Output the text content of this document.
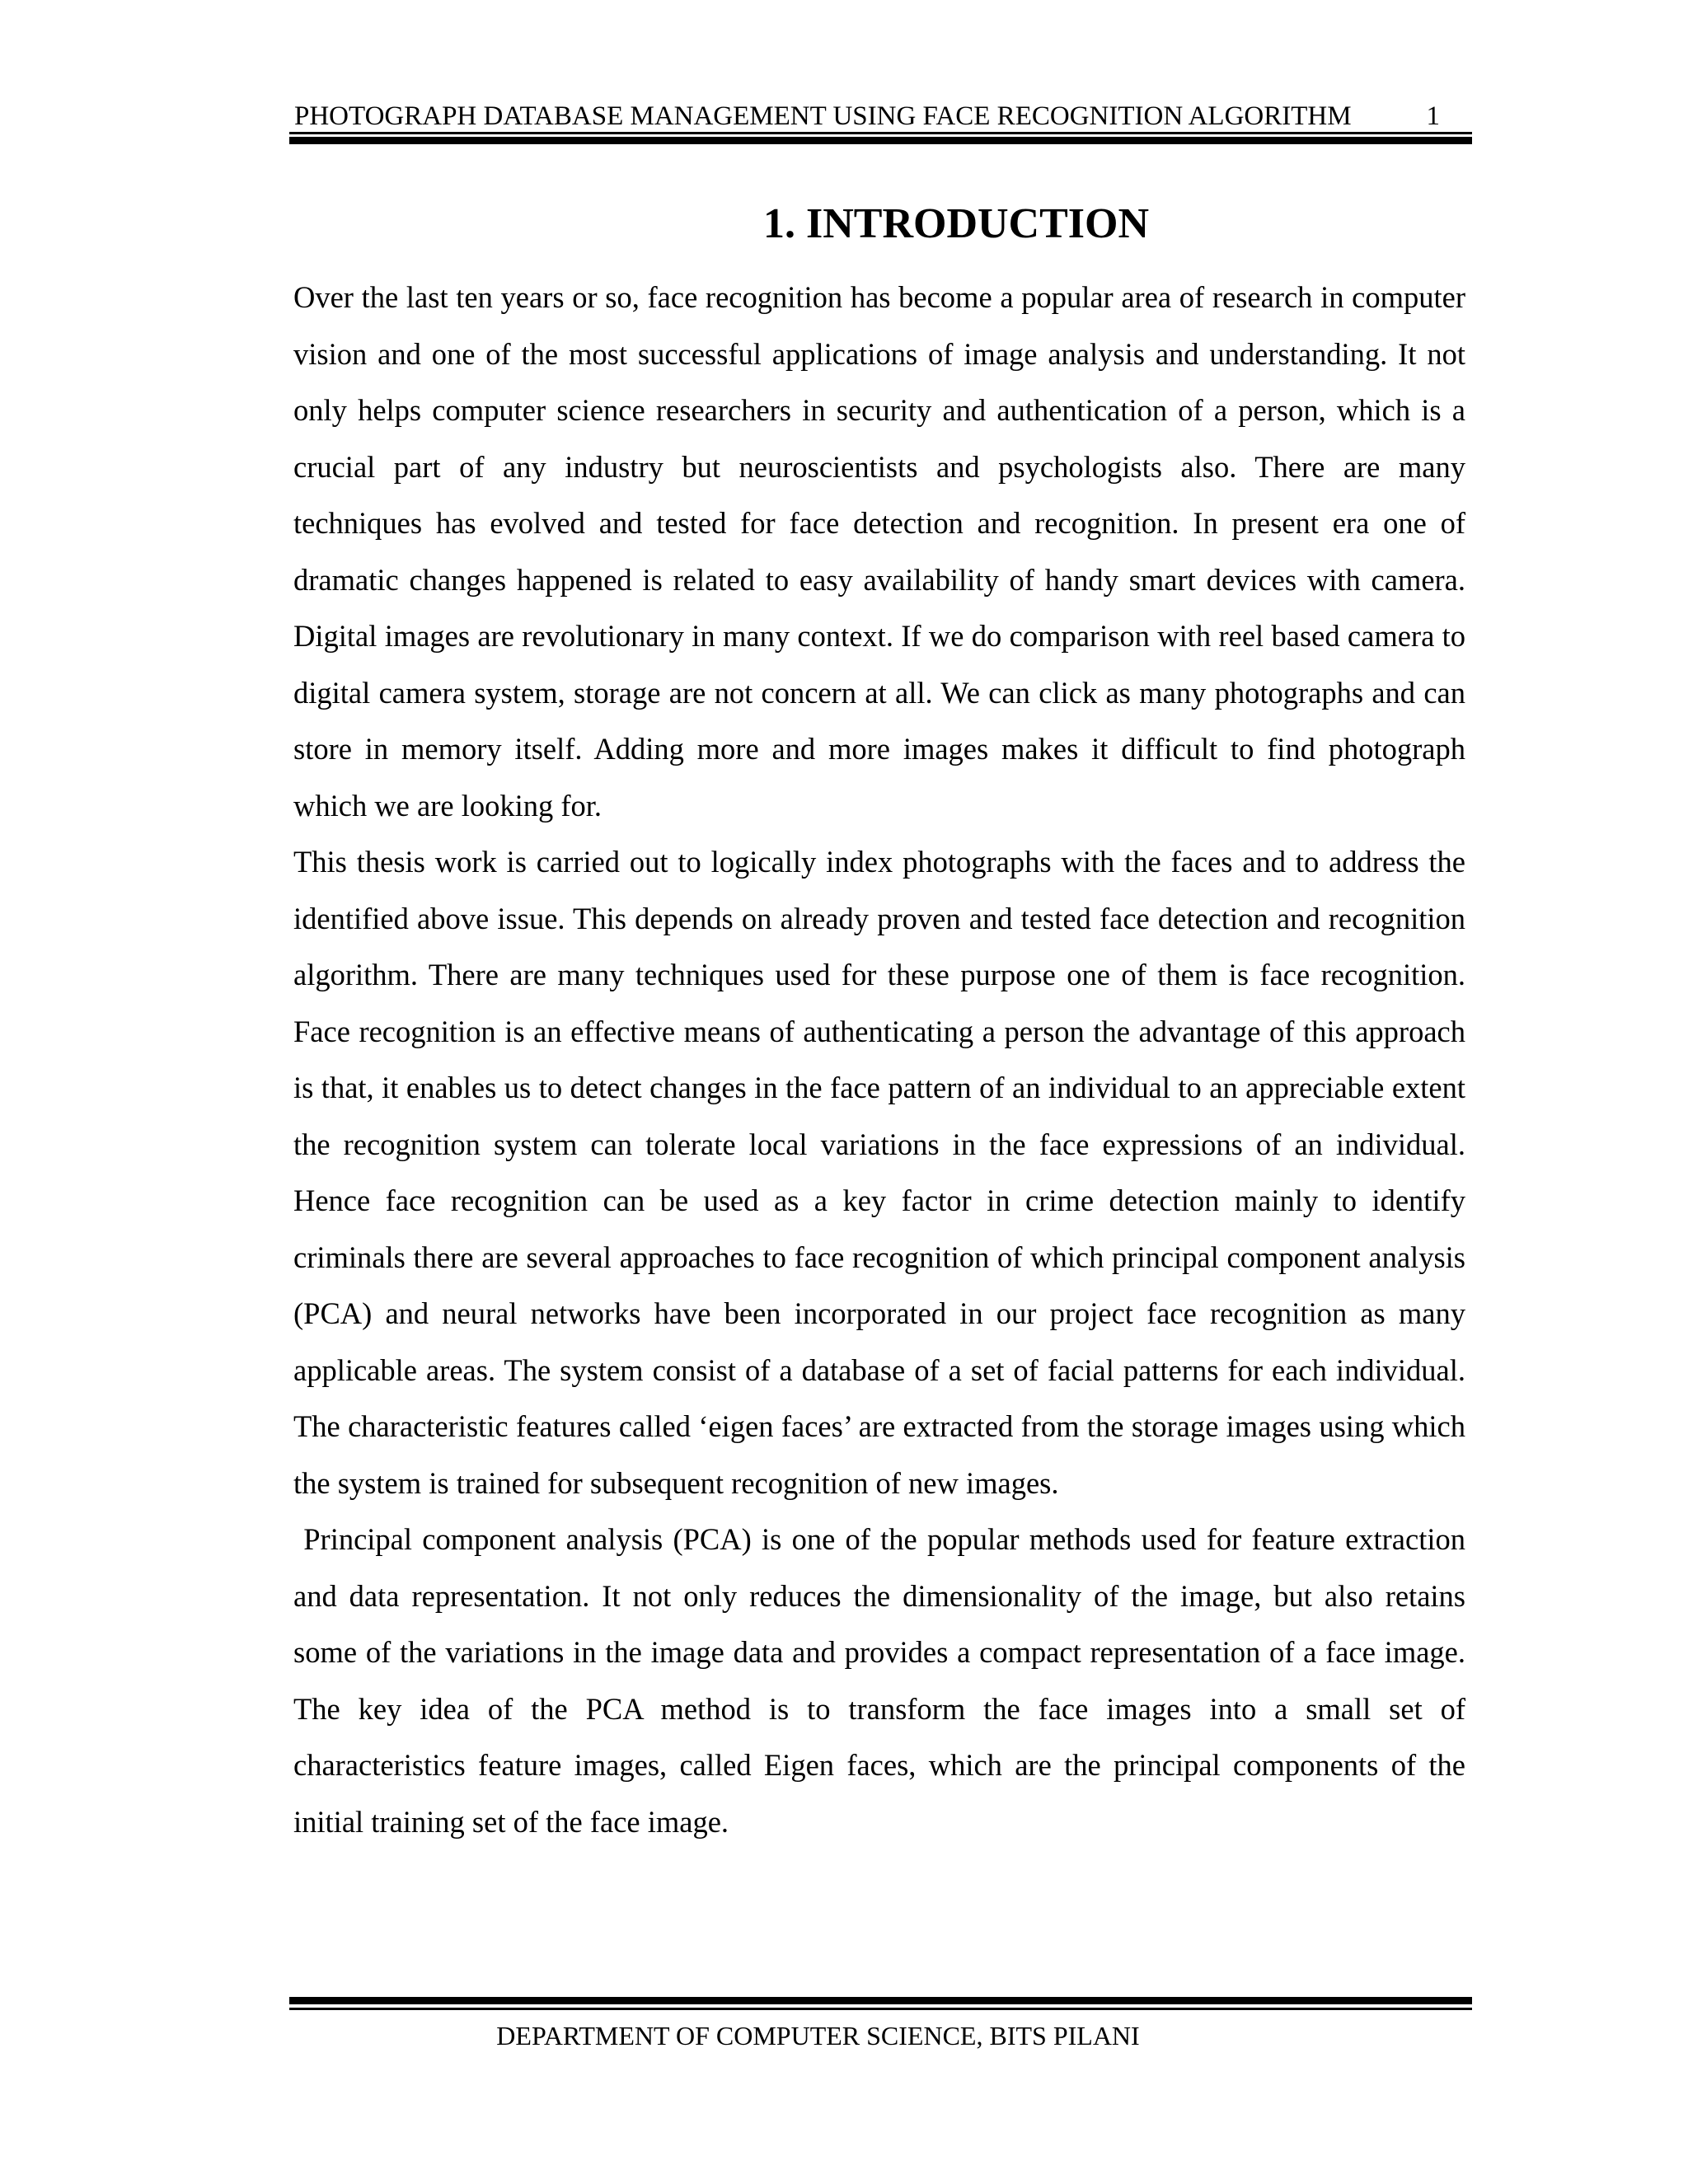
PHOTOGRAPH DATABASE MANAGEMENT USING FACE RECOGNITION ALGORITHM	1
1. INTRODUCTION

Over the last ten years or so, face recognition has become a popular area of research in computer vision and one of the most successful applications of image analysis and understanding. It not only helps computer science researchers in security and authentication of a person, which is a crucial part of any industry but neuroscientists and psychologists also. There are many techniques has evolved and tested for face detection and recognition. In present era one of dramatic changes happened is related to easy availability of handy smart devices with camera. Digital images are revolutionary in many context. If we do comparison with reel based camera to digital camera system, storage are not concern at all. We can click as many photographs and can store in memory itself. Adding more and more images makes it difficult to find photograph which we are looking for.

This thesis work is carried out to logically index photographs with the faces and to address the identified above issue. This depends on already proven and tested face detection and recognition algorithm. There are many techniques used for these purpose one of them is face recognition. Face recognition is an effective means of authenticating a person the advantage of this approach is that, it enables us to detect changes in the face pattern of an individual to an appreciable extent the recognition system can tolerate local variations in the face expressions of an individual. Hence face recognition can be used as a key factor in crime detection mainly to identify criminals there are several approaches to face recognition of which principal component analysis (PCA) and neural networks have been incorporated in our project face recognition as many applicable areas. The system consist of a database of a set of facial patterns for each individual. The characteristic features called ‘eigen faces’ are extracted from the storage images using which the system is trained for subsequent recognition of new images.

Principal component analysis (PCA) is one of the popular methods used for feature extraction and data representation. It not only reduces the dimensionality of the image, but also retains some of the variations in the image data and provides a compact representation of a face image. The key idea of the PCA method is to transform the face images into a small set of characteristics feature images, called Eigen faces, which are the principal components of the initial training set of the face image.

DEPARTMENT OF COMPUTER SCIENCE, BITS PILANI
